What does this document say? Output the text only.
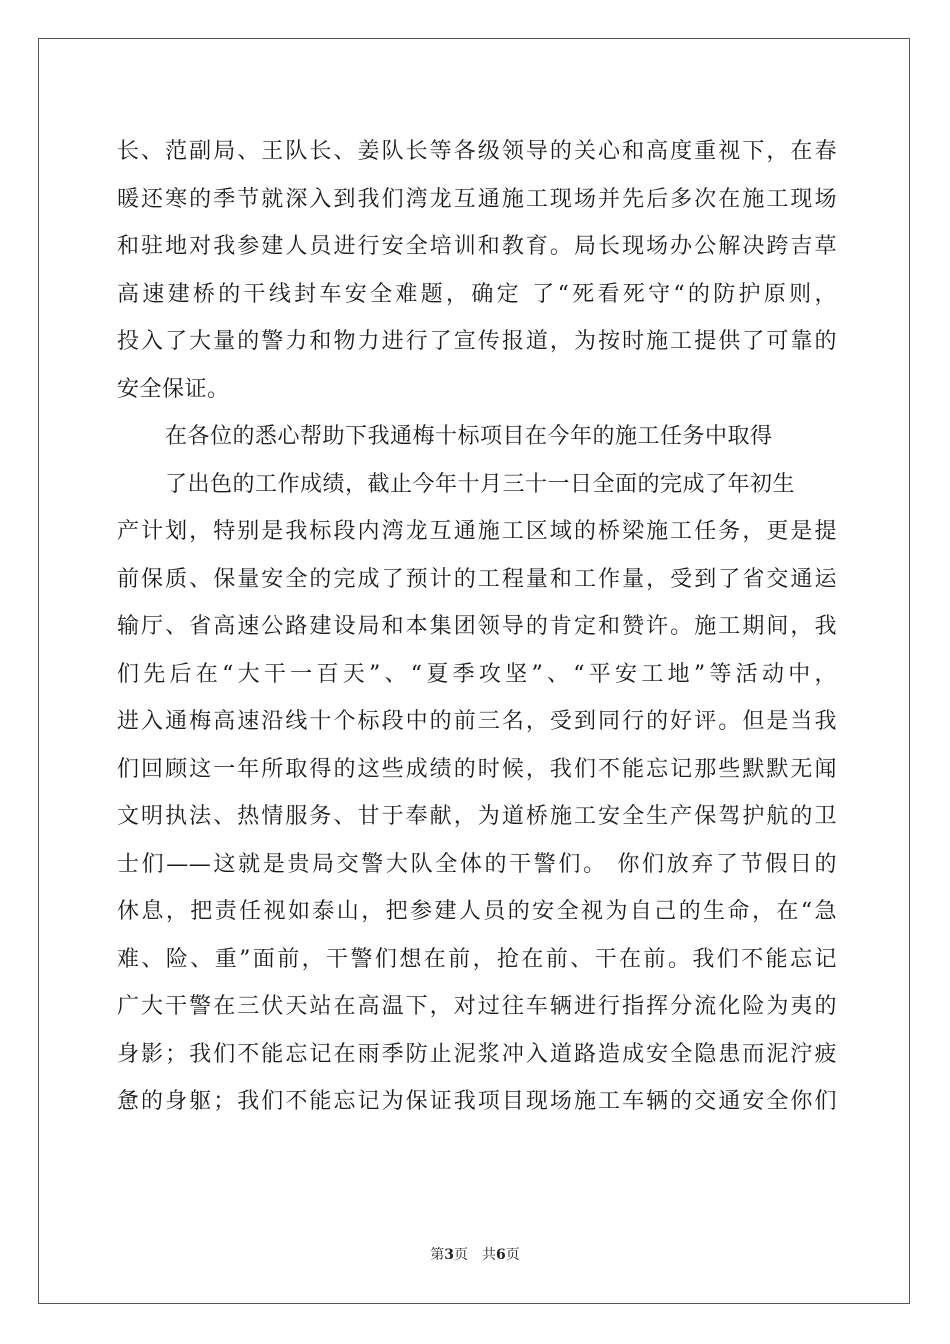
长、范副局、王队长、姜队长等各级领导的关心和高度重视下，在春
暖还寒的季节就深入到我们湾龙互通施工现场并先后多次在施工现场
和驻地对我参建人员进行安全培训和教育。局长现场办公解决跨吉草
高速建桥的干线封车安全难题，确定 了“死看死守“的防护原则，
投入了大量的警力和物力进行了宣传报道，为按时施工提供了可靠的
安全保证。
在各位的悉心帮助下我通梅十标项目在今年的施工任务中取得
了出色的工作成绩，截止今年十月三十一日全面的完成了年初生
产计划，特别是我标段内湾龙互通施工区域的桥梁施工任务，更是提
前保质、保量安全的完成了预计的工程量和工作量，受到了省交通运
输厅、省高速公路建设局和本集团领导的肯定和赞许。施工期间，我
们先后在“大干一百天”、“夏季攻坚”、“平安工地”等活动中，
进入通梅高速沿线十个标段中的前三名，受到同行的好评。但是当我
们回顾这一年所取得的这些成绩的时候，我们不能忘记那些默默无闻
文明执法、热情服务、甘于奉献，为道桥施工安全生产保驾护航的卫
士们——这就是贵局交警大队全体的干警们。 你们放弃了节假日的
休息，把责任视如泰山，把参建人员的安全视为自己的生命，在“急
难、险、重”面前，干警们想在前，抢在前、干在前。我们不能忘记
广大干警在三伏天站在高温下，对过往车辆进行指挥分流化险为夷的
身影；我们不能忘记在雨季防止泥浆冲入道路造成安全隐患而泥泞疲
惫的身躯；我们不能忘记为保证我项目现场施工车辆的交通安全你们
第3页　共6页
